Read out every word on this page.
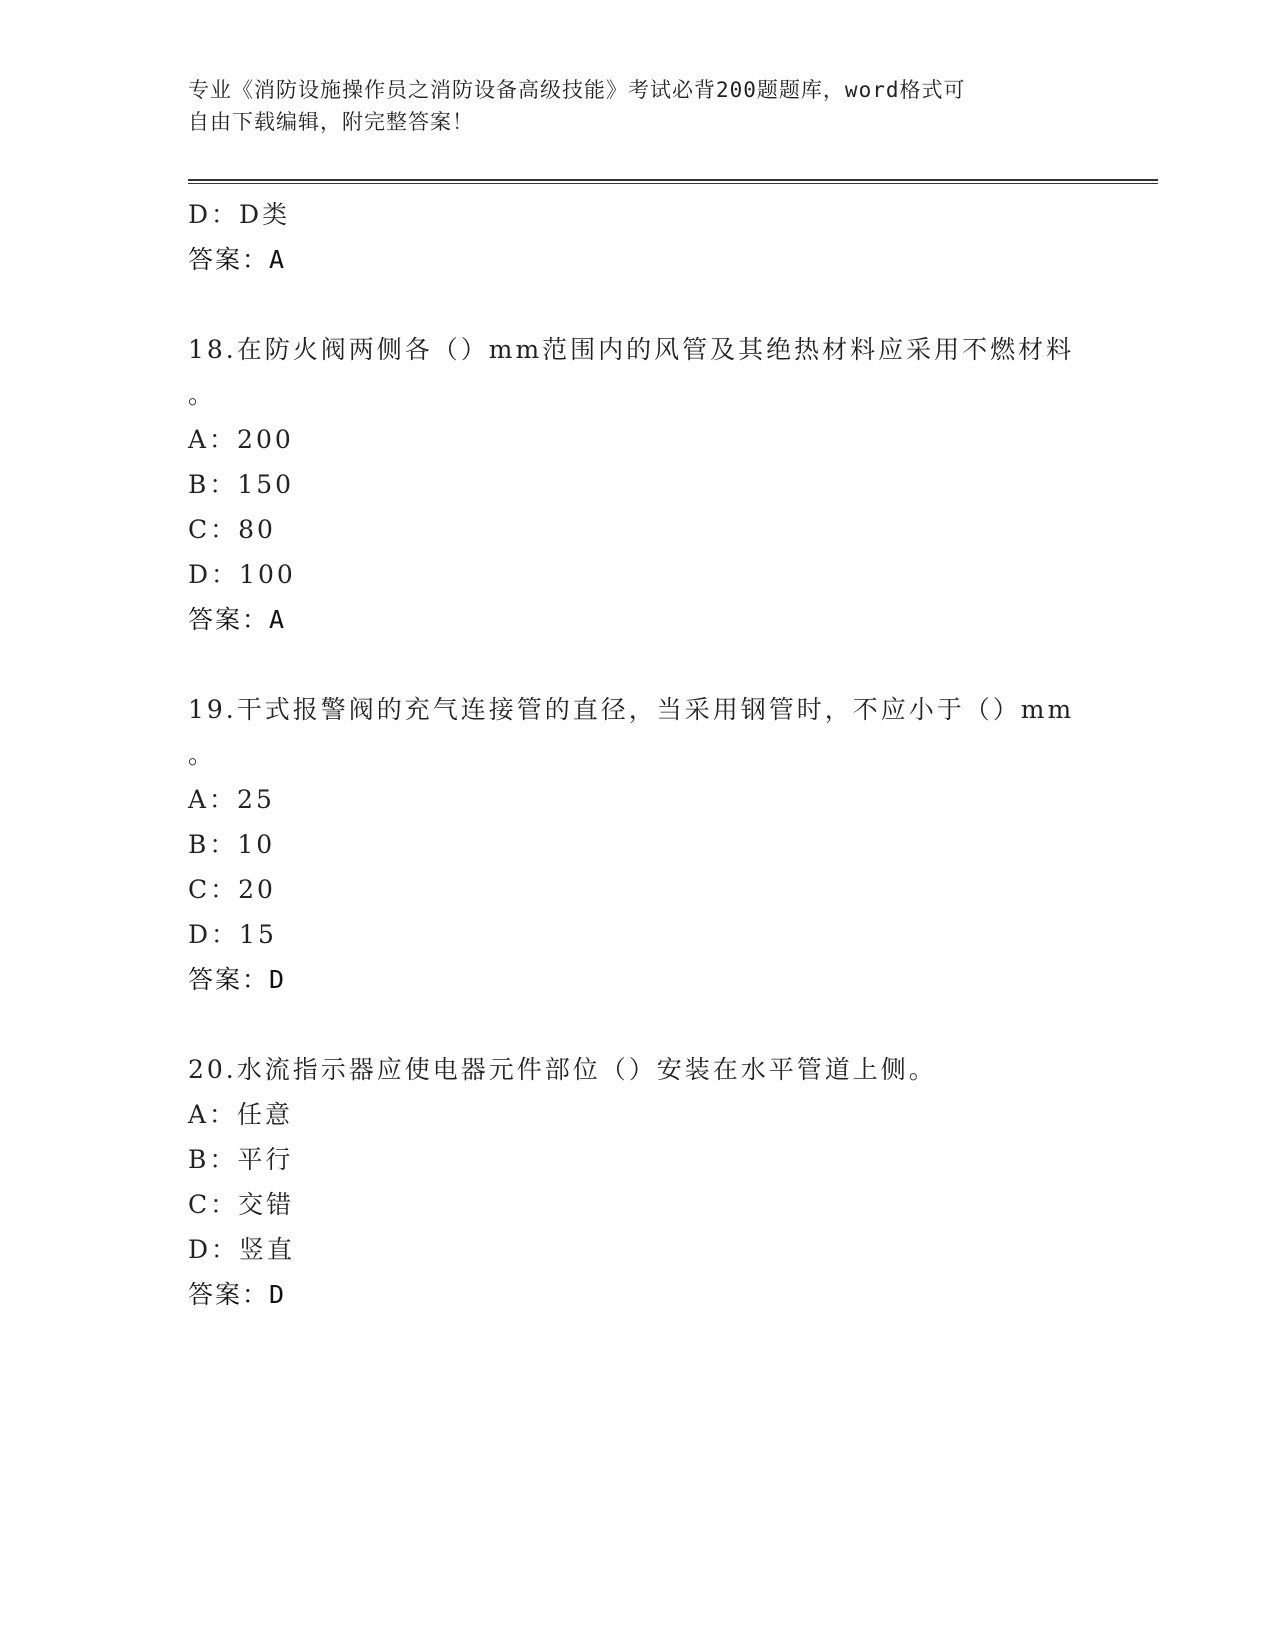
专业《消防设施操作员之消防设备高级技能》考试必背200题题库，word格式可
自由下载编辑，附完整答案！
D：D类
答案：A
18.在防火阀两侧各（）mm范围内的风管及其绝热材料应采用不燃材料
。
A：200
B：150
C：80
D：100
答案：A
19.干式报警阀的充气连接管的直径，当采用钢管时，不应小于（）mm
。
A：25
B：10
C：20
D：15
答案：D
20.水流指示器应使电器元件部位（）安装在水平管道上侧。
A：任意
B：平行
C：交错
D：竖直
答案：D
